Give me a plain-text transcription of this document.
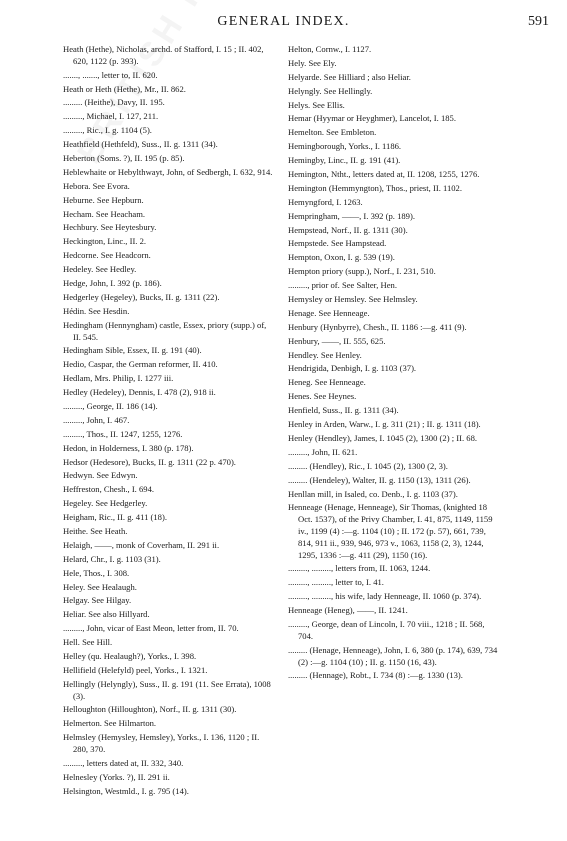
GENERAL INDEX.	591

Heath (Hethe), Nicholas, archd. of Stafford, I. 15 ; II. 402, 620, 1122 (p. 393).

......., ......., letter to, II. 620.

Heath or Heth (Hethe), Mr., II. 862.

......... (Heithe), Davy, II. 195.

........., Michael, I. 127, 211.

........., Ric., I. g. 1104 (5).

Heathfield (Hethfeld), Suss., II. g. 1311 (34).

Heberton (Soms. ?), II. 195 (p. 85).

Heblewhaite or Hebylthwayt, John, of Sedbergh, I. 632, 914.

Hebora. See Evora.

Heburne. See Hepburn.

Hecham. See Heacham.

Hechbury. See Heytesbury.

Heckington, Linc., II. 2.

Hedcorne. See Headcorn.

Hedeley. See Hedley.

Hedge, John, I. 392 (p. 186).

Hedgerley (Hegeley), Bucks, II. g. 1311 (22).

Hédin. See Hesdin.

Hedingham (Hennyngham) castle, Essex, priory (supp.) of, II. 545.

Hedingham Sible, Essex, II. g. 191 (40).

Hedio, Caspar, the German reformer, II. 410.

Hedlam, Mrs. Philip, I. 1277 iii.

Hedley (Hedeley), Dennis, I. 478 (2), 918 ii.

........., George, II. 186 (14).

........., John, I. 467.

........., Thos., II. 1247, 1255, 1276.

Hedon, in Holderness, I. 380 (p. 178).

Hedsor (Hedesore), Bucks, II. g. 1311 (22 p. 470).

Hedwyn. See Edwyn.

Heffreston, Chesh., I. 694.

Hegeley. See Hedgerley.

Heigham, Ric., II. g. 411 (18).

Heithe. See Heath.

Helaigh, ——, monk of Coverham, II. 291 ii.

Helard, Chr., I. g. 1103 (31).

Hele, Thos., I. 308.

Heley. See Healaugh.

Helgay. See Hilgay.

Heliar. See also Hillyard.

........., John, vicar of East Meon, letter from, II. 70.

Hell. See Hill.

Helley (qu. Healaugh?), Yorks., I. 398.

Hellifield (Helefyld) peel, Yorks., I. 1321.

Hellingly (Helyngly), Suss., II. g. 191 (11. See Errata), 1008 (3).

Helloughton (Hilloughton), Norf., II. g. 1311 (30).

Helmerton. See Hilmarton.

Helmsley (Hemysley, Hemsley), Yorks., I. 136, 1120 ; II. 280, 370.

........., letters dated at, II. 332, 340.

Helnesley (Yorks. ?), II. 291 ii.

Helsington, Westmld., I. g. 795 (14).

Helton, Cornw., I. 1127.

Hely. See Ely.

Helyarde. See Hilliard ; also Heliar.

Helyngly. See Hellingly.

Helys. See Ellis.

Hemar (Hyymar or Heyghmer), Lancelot, I. 185.

Hemelton. See Embleton.

Hemingborough, Yorks., I. 1186.

Hemingby, Linc., II. g. 191 (41).

Hemington, Ntht., letters dated at, II. 1208, 1255, 1276.

Hemington (Hemmyngton), Thos., priest, II. 1102.

Hemyngford, I. 1263.

Hempringham, ——, I. 392 (p. 189).

Hempstead, Norf., II. g. 1311 (30).

Hempstede. See Hampstead.

Hempton, Oxon, I. g. 539 (19).

Hempton priory (supp.), Norf., I. 231, 510.

........., prior of. See Salter, Hen.

Hemysley or Hemsley. See Helmsley.

Henage. See Henneage.

Henbury (Hynbyrre), Chesh., II. 1186 :—g. 411 (9).

Henbury, ——, II. 555, 625.

Hendley. See Henley.

Hendrigida, Denbigh, I. g. 1103 (37).

Heneg. See Henneage.

Henes. See Heynes.

Henfield, Suss., II. g. 1311 (34).

Henley in Arden, Warw., I. g. 311 (21) ; II. g. 1311 (18).

Henley (Hendley), James, I. 1045 (2), 1300 (2) ; II. 68.

........., John, II. 621.

......... (Hendley), Ric., I. 1045 (2), 1300 (2, 3).

......... (Hendeley), Walter, II. g. 1150 (13), 1311 (26).

Henllan mill, in Isaled, co. Denb., I. g. 1103 (37).

Henneage (Henage, Henneage), Sir Thomas, (knighted 18 Oct. 1537), of the Privy Chamber, I. 41, 875, 1149, 1159 iv., 1199 (4) :—g. 1104 (10) ; II. 172 (p. 57), 661, 739, 814, 911 ii., 939, 946, 973 v., 1063, 1158 (2, 3), 1244, 1295, 1336 :—g. 411 (29), 1150 (16).

........., ........., letters from, II. 1063, 1244.

........., ........., letter to, I. 41.

........., ........., his wife, lady Henneage, II. 1060 (p. 374).

Henneage (Heneg), ——, II. 1241.

........., George, dean of Lincoln, I. 70 viii., 1218 ; II. 568, 704.

......... (Henage, Henneage), John, I. 6, 380 (p. 174), 639, 734 (2) :—g. 1104 (10) ; II. g. 1150 (16, 43).

......... (Hennage), Robt., I. 734 (8) :—g. 1330 (13).
